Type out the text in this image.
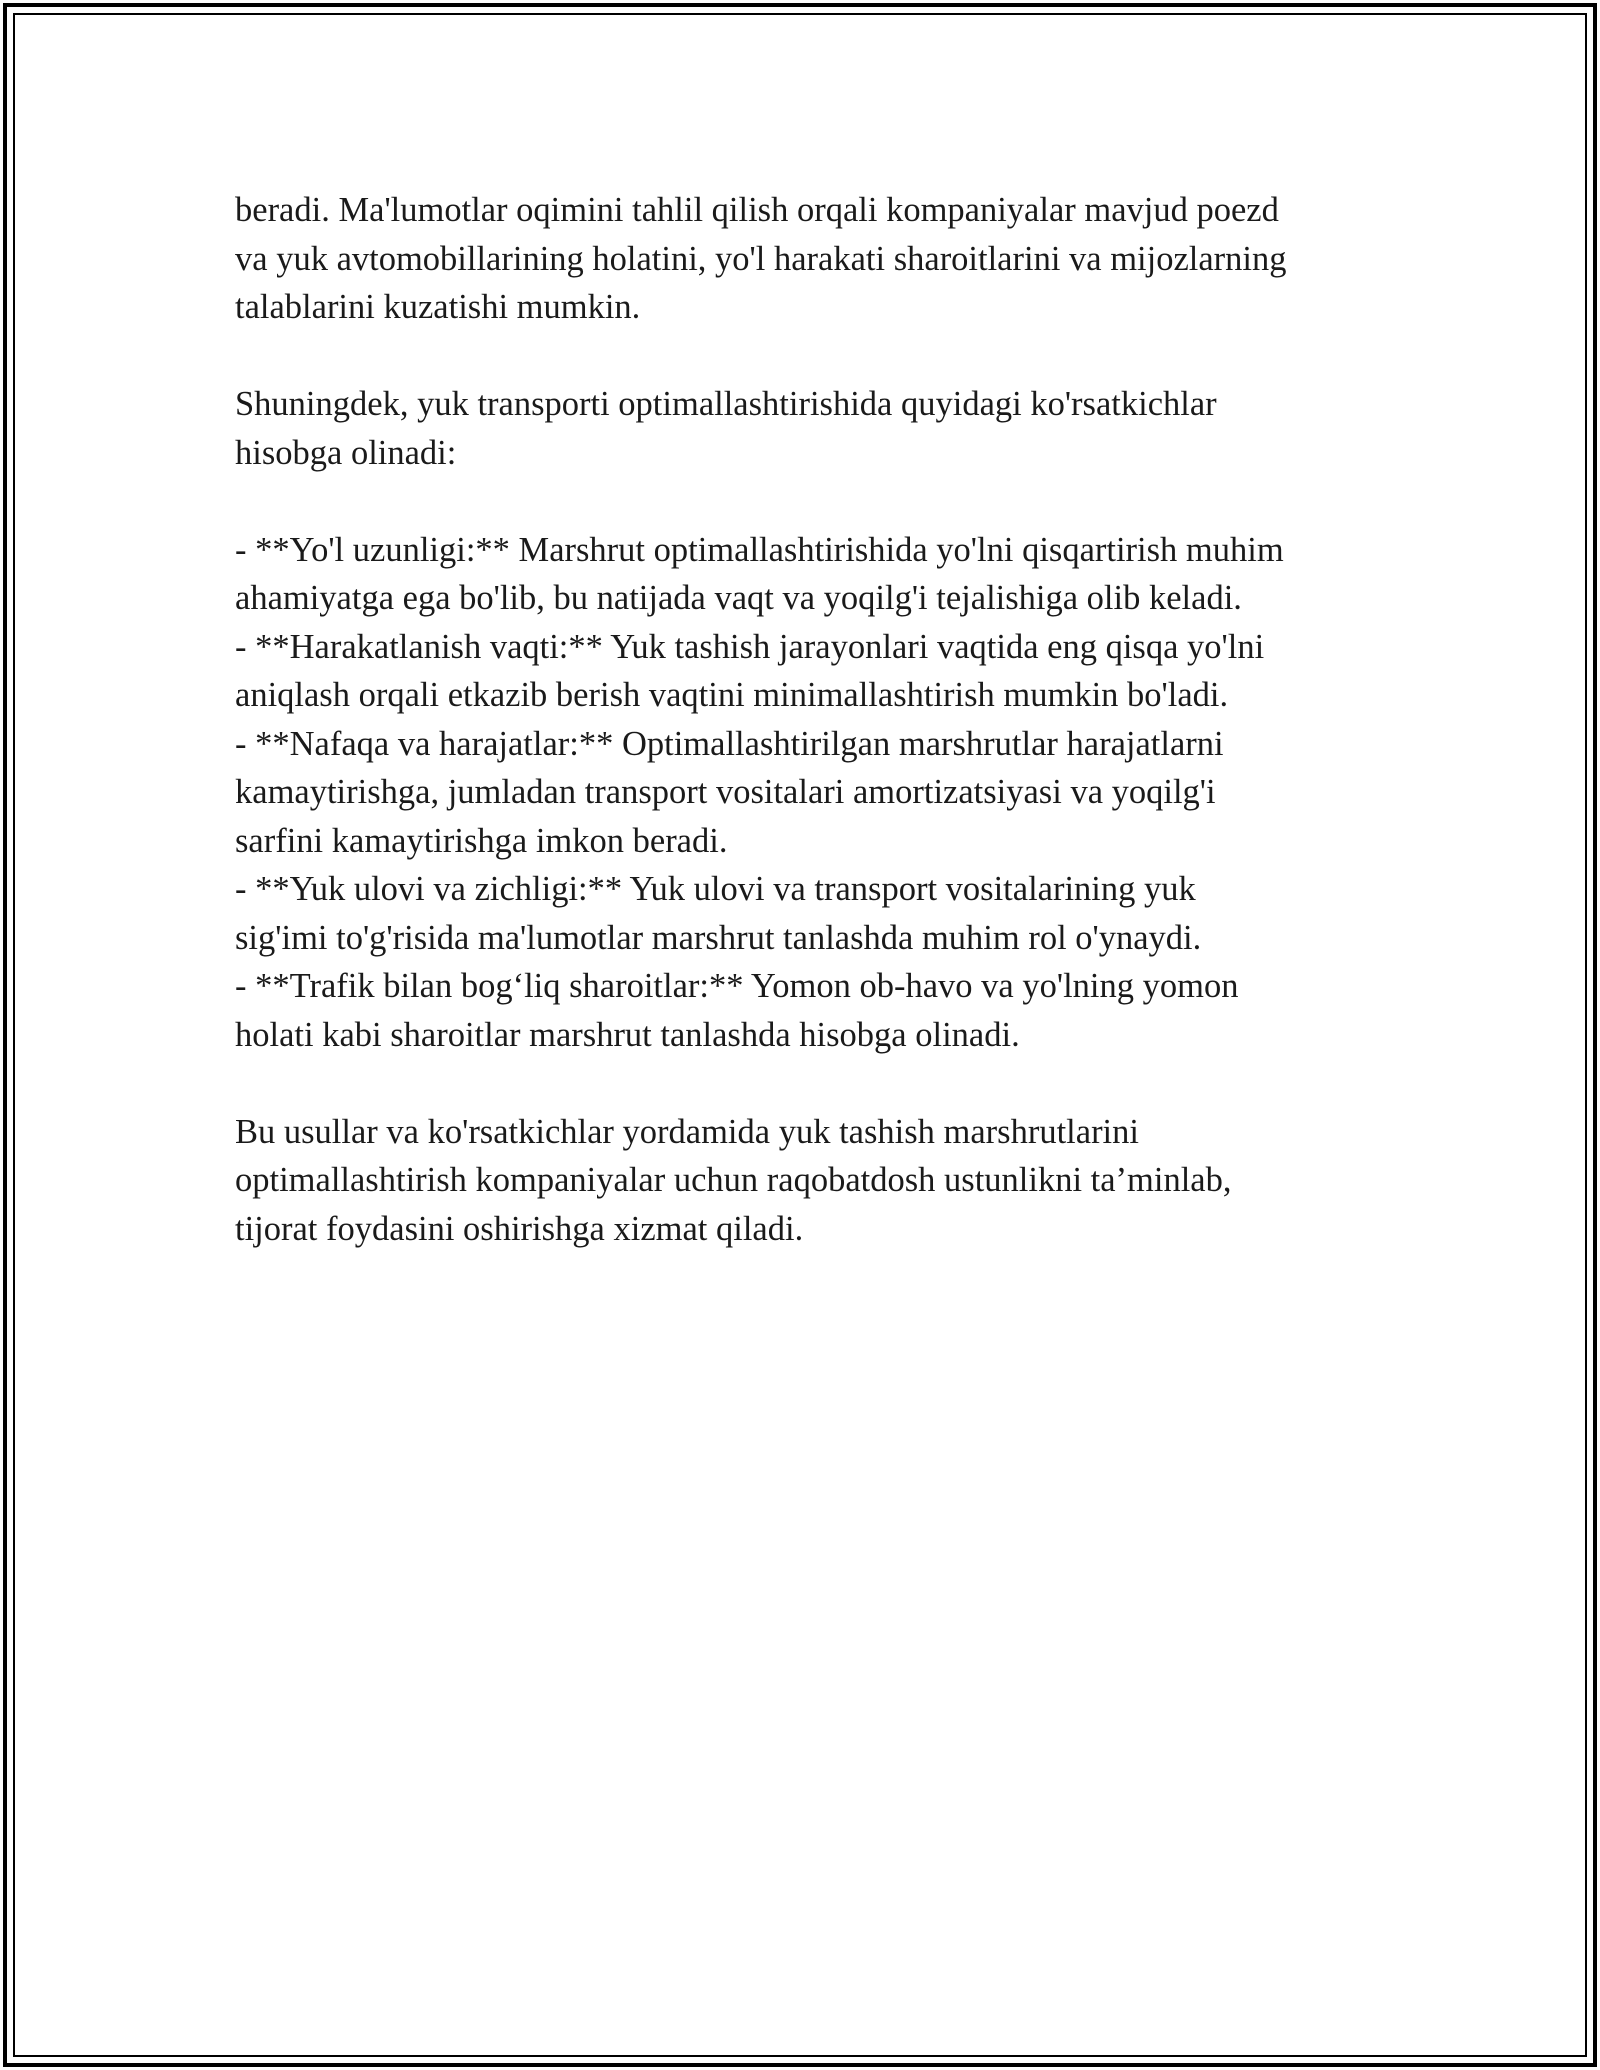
beradi. Ma'lumotlar oqimini tahlil qilish orqali kompaniyalar mavjud poezd
va yuk avtomobillarining holatini, yo'l harakati sharoitlarini va mijozlarning
talablarini kuzatishi mumkin.

Shuningdek, yuk transporti optimallashtirishida quyidagi ko'rsatkichlar
hisobga olinadi:

- **Yo'l uzunligi:** Marshrut optimallashtirishida yo'lni qisqartirish muhim
ahamiyatga ega bo'lib, bu natijada vaqt va yoqilg'i tejalishiga olib keladi.
- **Harakatlanish vaqti:** Yuk tashish jarayonlari vaqtida eng qisqa yo'lni
aniqlash orqali etkazib berish vaqtini minimallashtirish mumkin bo'ladi.
- **Nafaqa va harajatlar:** Optimallashtirilgan marshrutlar harajatlarni
kamaytirishga, jumladan transport vositalari amortizatsiyasi va yoqilg'i
sarfini kamaytirishga imkon beradi.
- **Yuk ulovi va zichligi:** Yuk ulovi va transport vositalarining yuk
sig'imi to'g'risida ma'lumotlar marshrut tanlashda muhim rol o'ynaydi.
- **Trafik bilan bog‘liq sharoitlar:** Yomon ob-havo va yo'lning yomon
holati kabi sharoitlar marshrut tanlashda hisobga olinadi.

Bu usullar va ko'rsatkichlar yordamida yuk tashish marshrutlarini
optimallashtirish kompaniyalar uchun raqobatdosh ustunlikni ta’minlab,
tijorat foydasini oshirishga xizmat qiladi.
